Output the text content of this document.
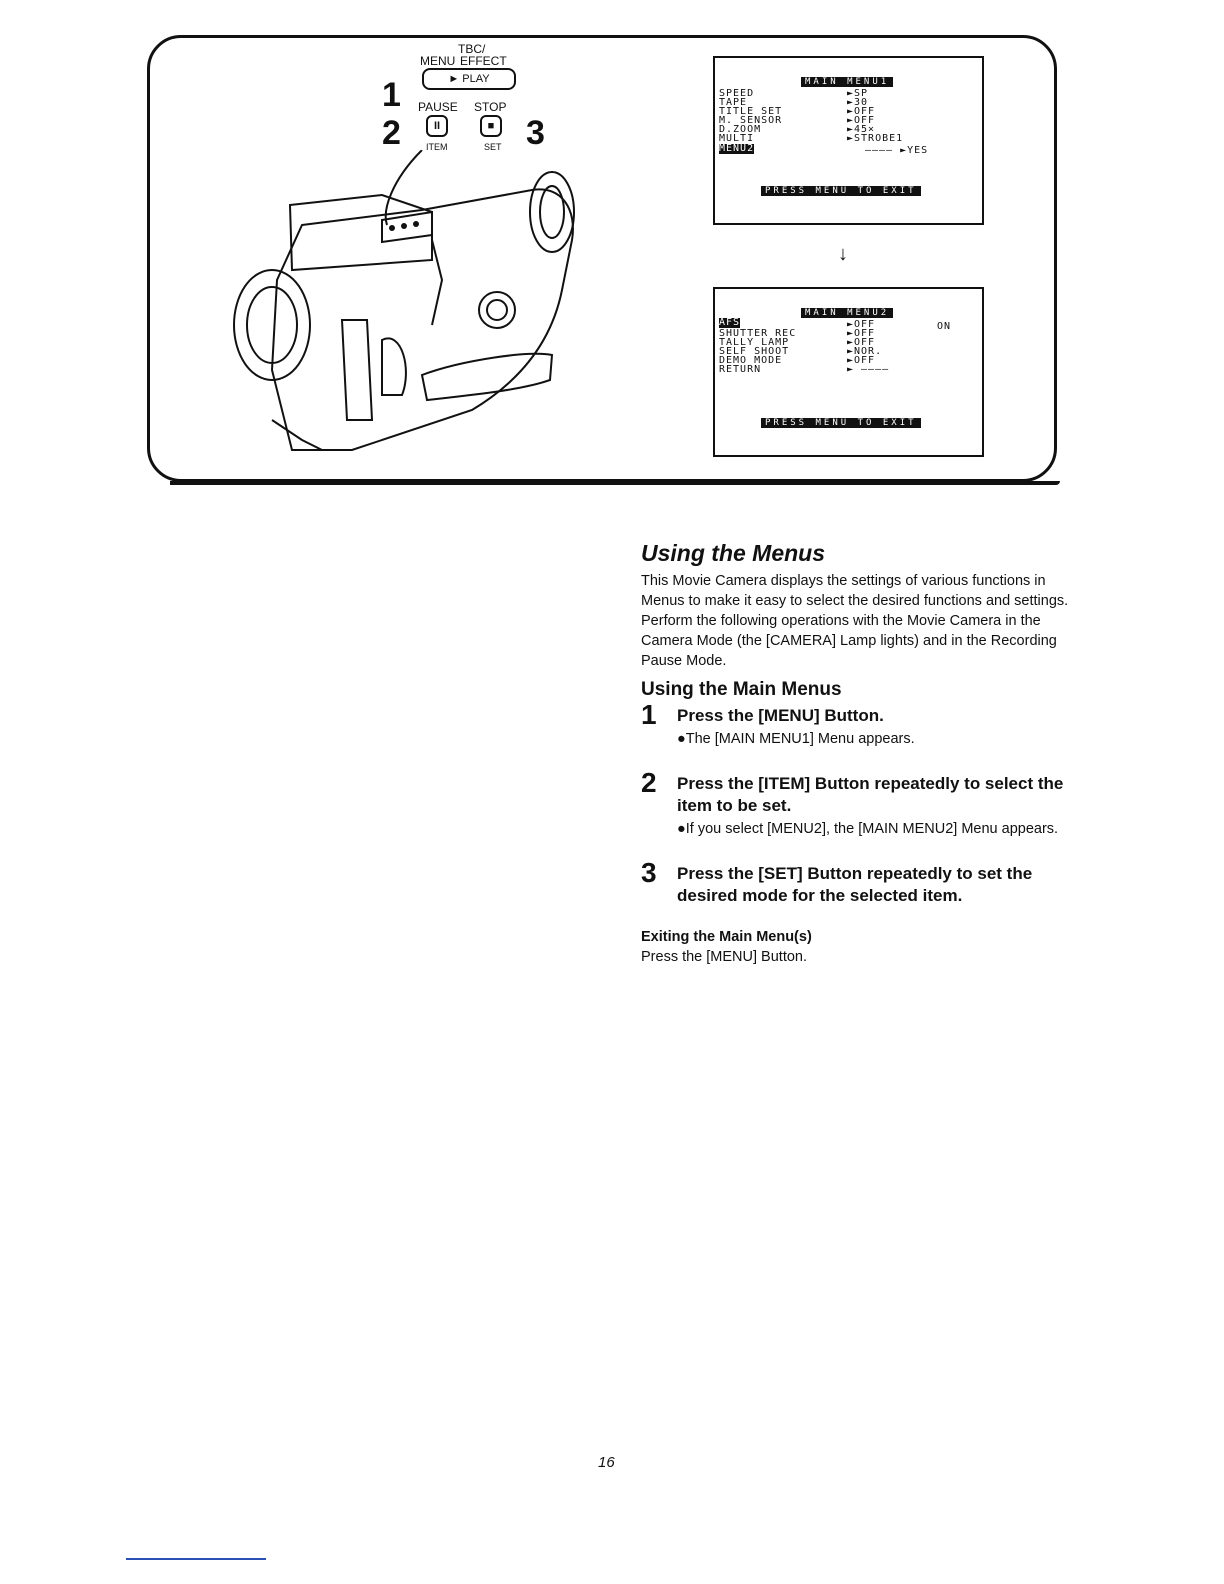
TBC/
MENU EFFECT
► PLAY
1 PAUSE STOP
2	II	■ 3
ITEM	SET
MAIN MENU1
SPEED	►SP
TAPE	►30
TITLE SET	►OFF
M. SENSOR	►OFF
D.ZOOM	►45×
MULTI	►STROBE1
MENU2	–––– ►YES
PRESS MENU TO EXIT
↓
MAIN MENU2
AFS	►OFF	ON
SHUTTER REC	►OFF
TALLY LAMP	►OFF
SELF SHOOT	►NOR.
DEMO MODE	►OFF
RETURN	► ––––
PRESS MENU TO EXIT
Using the Menus

This Movie Camera displays the settings of various functions in Menus to make it easy to select the desired functions and settings.

Perform the following operations with the Movie Camera in the Camera Mode (the [CAMERA] Lamp lights) and in the Recording Pause Mode.

Using the Main Menus
1 Press the [MENU] Button.
●The [MAIN MENU1] Menu appears.
2 Press the [ITEM] Button repeatedly to select the item to be set.
●If you select [MENU2], the [MAIN MENU2] Menu appears.
3 Press the [SET] Button repeatedly to set the desired mode for the selected item.
Exiting the Main Menu(s)

Press the [MENU] Button.

16
